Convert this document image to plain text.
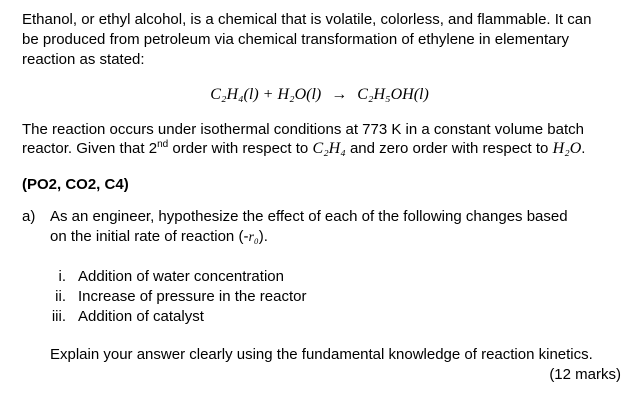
Ethanol, or ethyl alcohol, is a chemical that is volatile, colorless, and flammable. It can
be produced from petroleum via chemical transformation of ethylene in elementary
reaction as stated:
C₂H₄(l) + H₂O(l) → C₂H₅OH(l)
The reaction occurs under isothermal conditions at 773 K in a constant volume batch
reactor. Given that 2nd order with respect to C₂H₄ and zero order with respect to H₂O.
(PO2, CO2, C4)
a) As an engineer, hypothesize the effect of each of the following changes based
on the initial rate of reaction (-r₀).
i. Addition of water concentration
ii. Increase of pressure in the reactor
iii. Addition of catalyst
Explain your answer clearly using the fundamental knowledge of reaction kinetics.
(12 marks)
